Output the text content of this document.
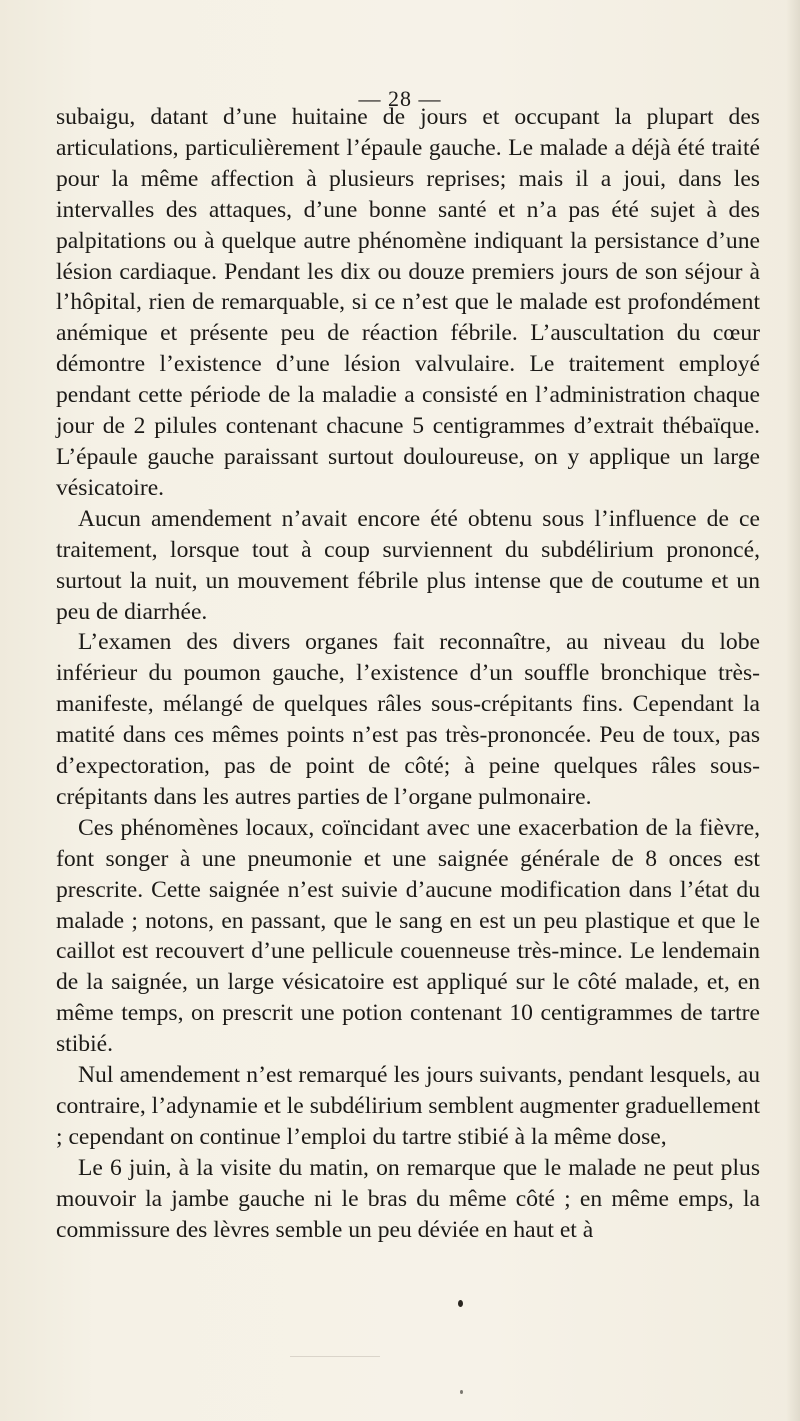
— 28 —

subaigu, datant d’une huitaine de jours et occupant la plupart des articulations, particulièrement l’épaule gauche. Le malade a déjà été traité pour la même affection à plusieurs reprises; mais il a joui, dans les intervalles des attaques, d’une bonne santé et n’a pas été sujet à des palpitations ou à quelque autre phénomène indiquant la persistance d’une lésion cardiaque. Pendant les dix ou douze premiers jours de son séjour à l’hôpital, rien de remarquable, si ce n’est que le malade est profondément anémique et présente peu de réaction fébrile. L’auscultation du cœur démontre l’existence d’une lésion valvulaire. Le traitement employé pendant cette période de la maladie a consisté en l’administration chaque jour de 2 pilules contenant chacune 5 centigrammes d’extrait thébaïque. L’épaule gauche paraissant surtout douloureuse, on y applique un large vésicatoire.

Aucun amendement n’avait encore été obtenu sous l’influence de ce traitement, lorsque tout à coup surviennent du subdélirium prononcé, surtout la nuit, un mouvement fébrile plus intense que de coutume et un peu de diarrhée.

L’examen des divers organes fait reconnaître, au niveau du lobe inférieur du poumon gauche, l’existence d’un souffle bronchique très-manifeste, mélangé de quelques râles sous-crépitants fins. Cependant la matité dans ces mêmes points n’est pas très-prononcée. Peu de toux, pas d’expectoration, pas de point de côté; à peine quelques râles sous-crépitants dans les autres parties de l’organe pulmonaire.

Ces phénomènes locaux, coïncidant avec une exacerbation de la fièvre, font songer à une pneumonie et une saignée générale de 8 onces est prescrite. Cette saignée n’est suivie d’aucune modification dans l’état du malade ; notons, en passant, que le sang en est un peu plastique et que le caillot est recouvert d’une pellicule couenneuse très-mince. Le lendemain de la saignée, un large vésicatoire est appliqué sur le côté malade, et, en même temps, on prescrit une potion contenant 10 centigrammes de tartre stibié.

Nul amendement n’est remarqué les jours suivants, pendant lesquels, au contraire, l’adynamie et le subdélirium semblent augmenter graduellement ; cependant on continue l’emploi du tartre stibié à la même dose,

Le 6 juin, à la visite du matin, on remarque que le malade ne peut plus mouvoir la jambe gauche ni le bras du même côté ; en même emps, la commissure des lèvres semble un peu déviée en haut et à
